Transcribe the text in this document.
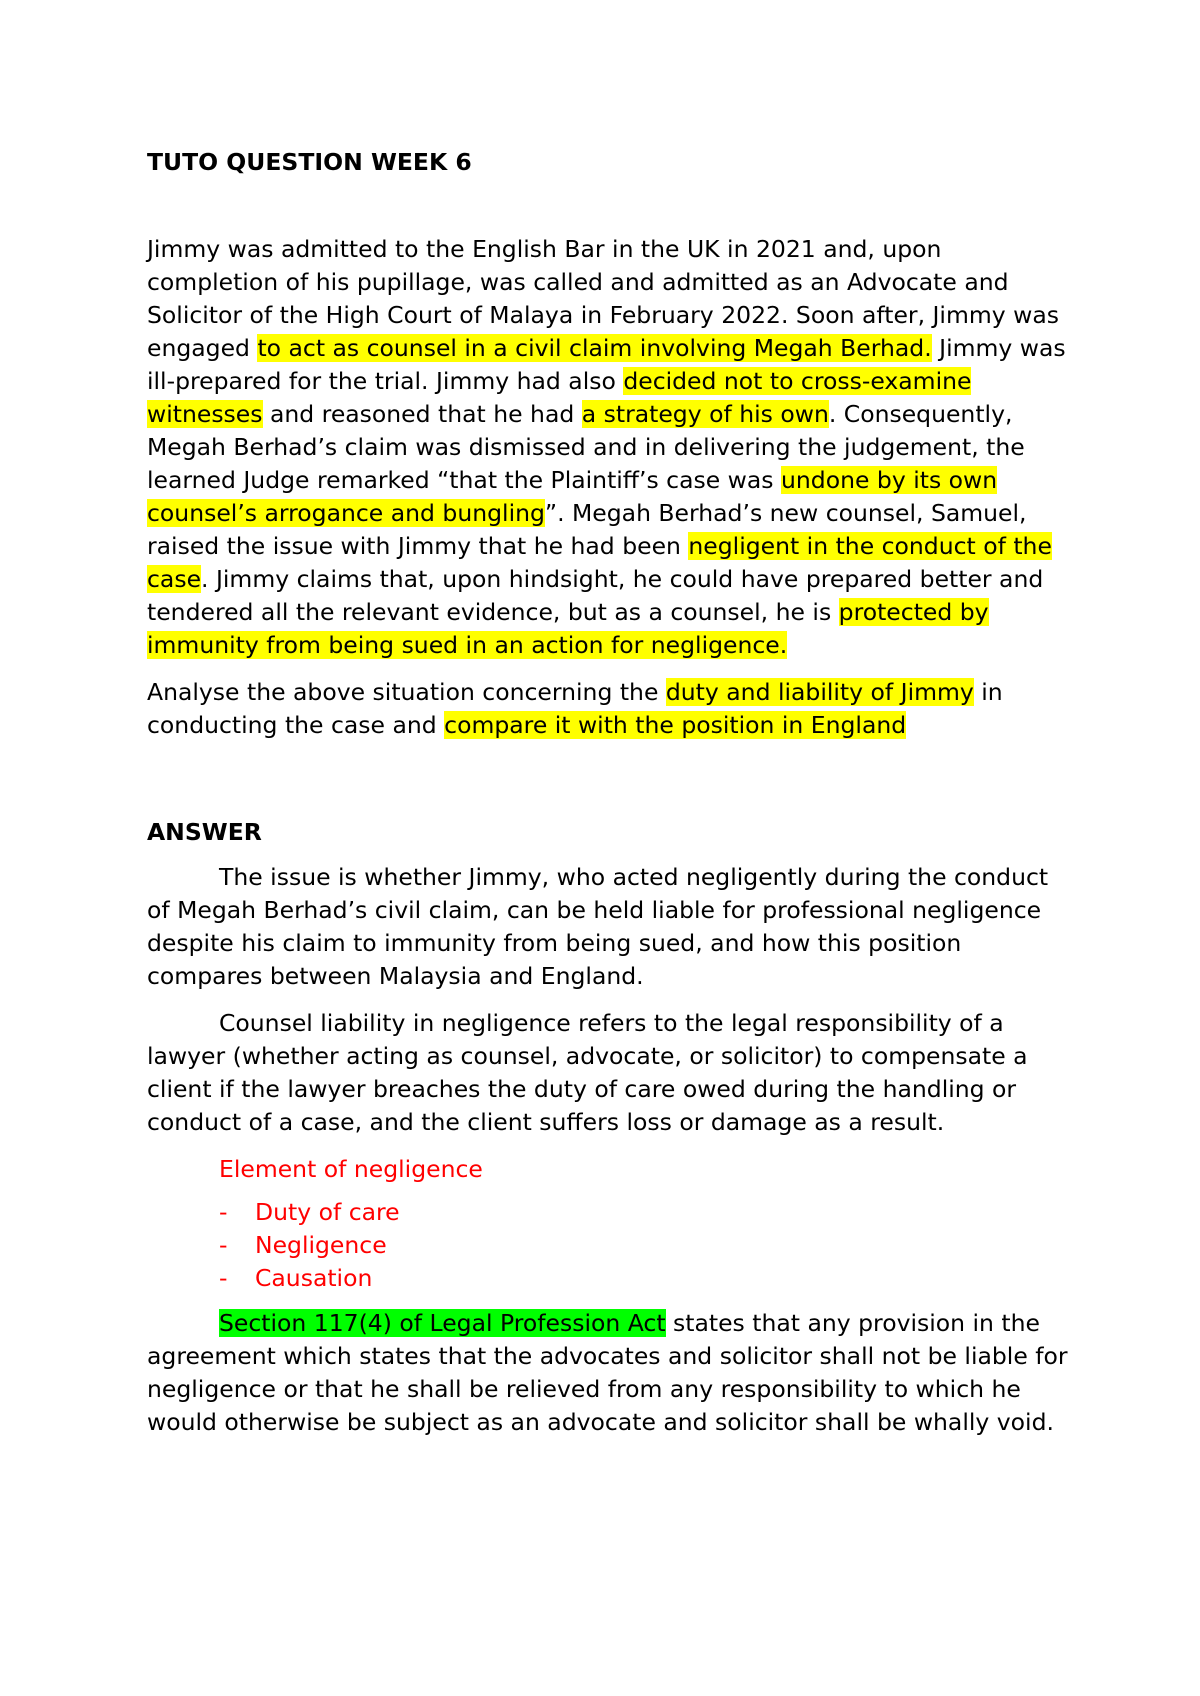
TUTO QUESTION WEEK 6

Jimmy was admitted to the English Bar in the UK in 2021 and, upon completion of his pupillage, was called and admitted as an Advocate and Solicitor of the High Court of Malaya in February 2022. Soon after, Jimmy was engaged to act as counsel in a civil claim involving Megah Berhad. Jimmy was ill-prepared for the trial. Jimmy had also decided not to cross-examine witnesses and reasoned that he had a strategy of his own. Consequently, Megah Berhad’s claim was dismissed and in delivering the judgement, the learned Judge remarked “that the Plaintiff’s case was undone by its own counsel’s arrogance and bungling”. Megah Berhad’s new counsel, Samuel, raised the issue with Jimmy that he had been negligent in the conduct of the case. Jimmy claims that, upon hindsight, he could have prepared better and tendered all the relevant evidence, but as a counsel, he is protected by immunity from being sued in an action for negligence.

Analyse the above situation concerning the duty and liability of Jimmy in conducting the case and compare it with the position in England

ANSWER

The issue is whether Jimmy, who acted negligently during the conduct of Megah Berhad’s civil claim, can be held liable for professional negligence despite his claim to immunity from being sued, and how this position compares between Malaysia and England.

Counsel liability in negligence refers to the legal responsibility of a lawyer (whether acting as counsel, advocate, or solicitor) to compensate a client if the lawyer breaches the duty of care owed during the handling or conduct of a case, and the client suffers loss or damage as a result.

Element of negligence

- Duty of care
- Negligence
- Causation

Section 117(4) of Legal Profession Act states that any provision in the agreement which states that the advocates and solicitor shall not be liable for negligence or that he shall be relieved from any responsibility to which he would otherwise be subject as an advocate and solicitor shall be whally void.
